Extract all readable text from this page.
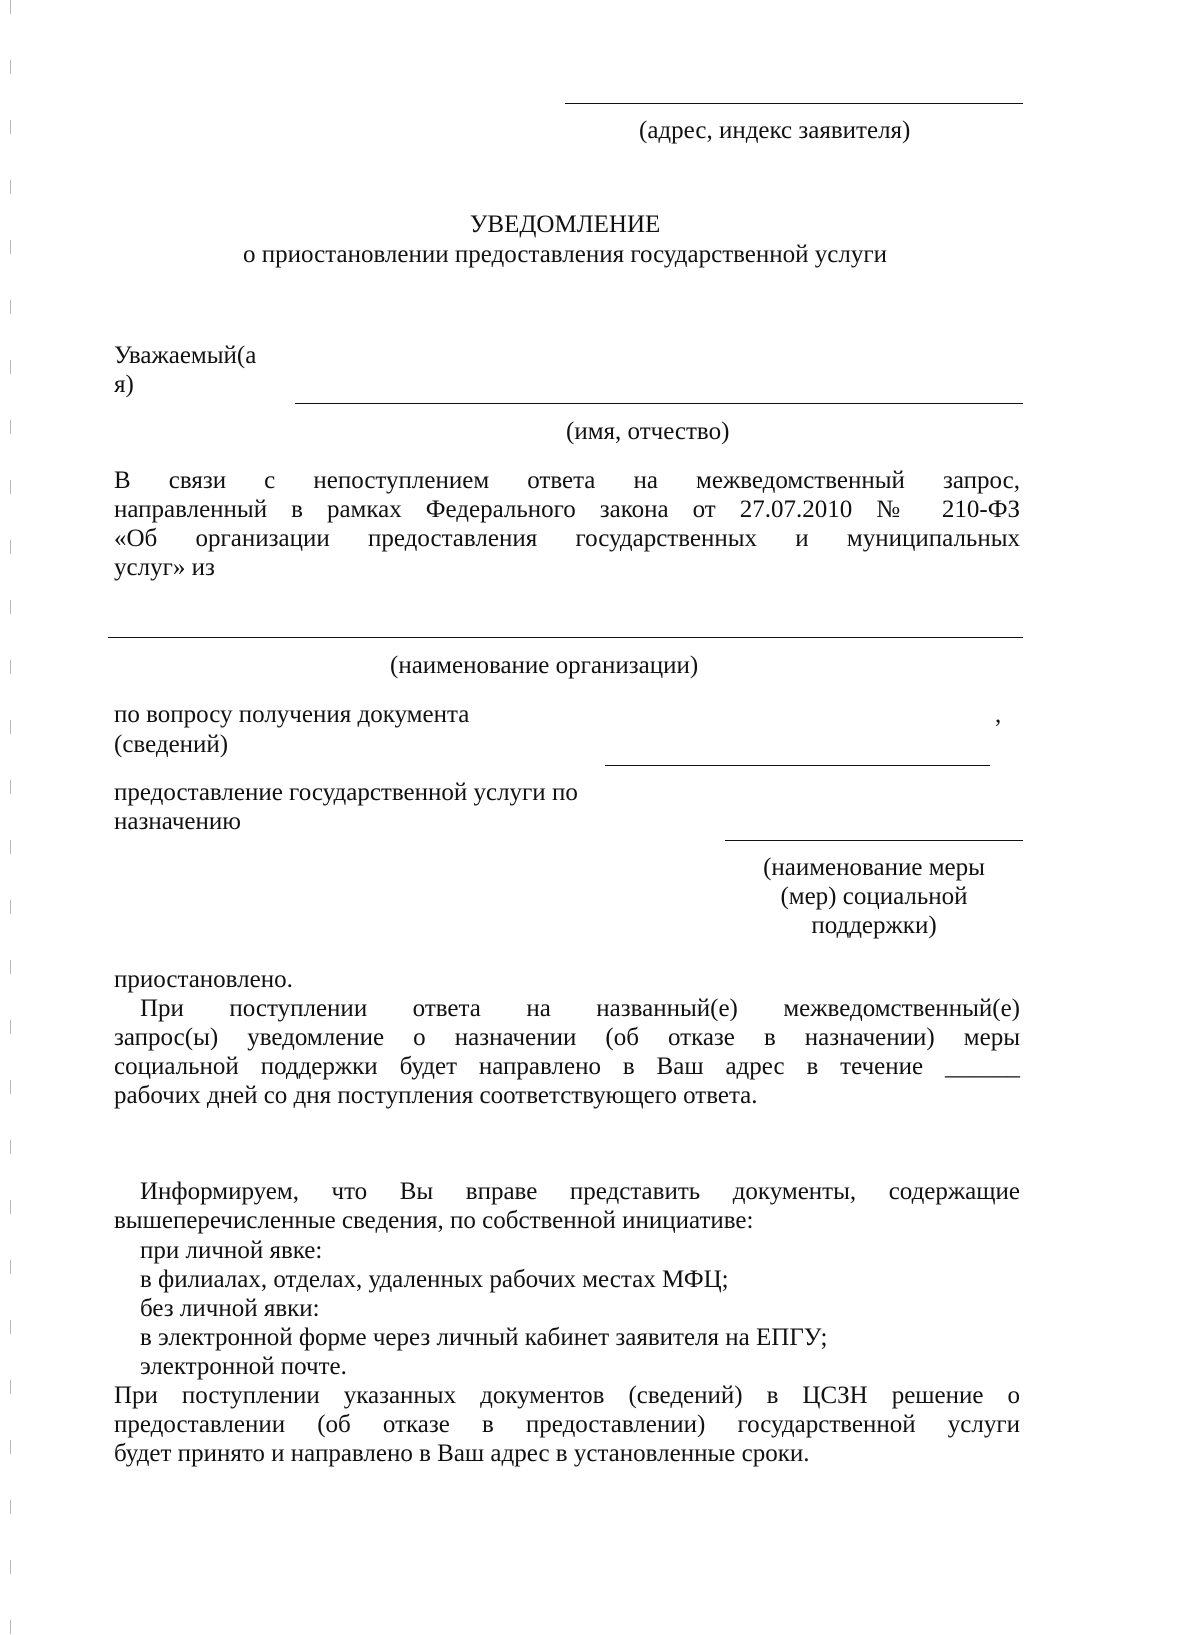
(адрес, индекс заявителя)
УВЕДОМЛЕНИЕ
о приостановлении предоставления государственной услуги
Уважаемый(а
я)
(имя, отчество)
В связи с непоступлением ответа на межведомственный запрос,
направленный в рамках Федерального закона от 27.07.2010 № 210-ФЗ
«Об организации предоставления государственных и муниципальных
услуг» из
(наименование организации)
по вопросу получения документа	,
(сведений)
предоставление государственной услуги по
назначению
(наименование меры
(мер) социальной
поддержки)
приостановлено.
При поступлении ответа на названный(е) межведомственный(е)
запрос(ы) уведомление о назначении (об отказе в назначении) меры
социальной поддержки будет направлено в Ваш адрес в течение ______
рабочих дней со дня поступления соответствующего ответа.
Информируем, что Вы вправе представить документы, содержащие
вышеперечисленные сведения, по собственной инициативе:
при личной явке:
в филиалах, отделах, удаленных рабочих местах МФЦ;
без личной явки:
в электронной форме через личный кабинет заявителя на ЕПГУ;
электронной почте.
При поступлении указанных документов (сведений) в ЦСЗН решение о
предоставлении (об отказе в предоставлении) государственной услуги
будет принято и направлено в Ваш адрес в установленные сроки.
